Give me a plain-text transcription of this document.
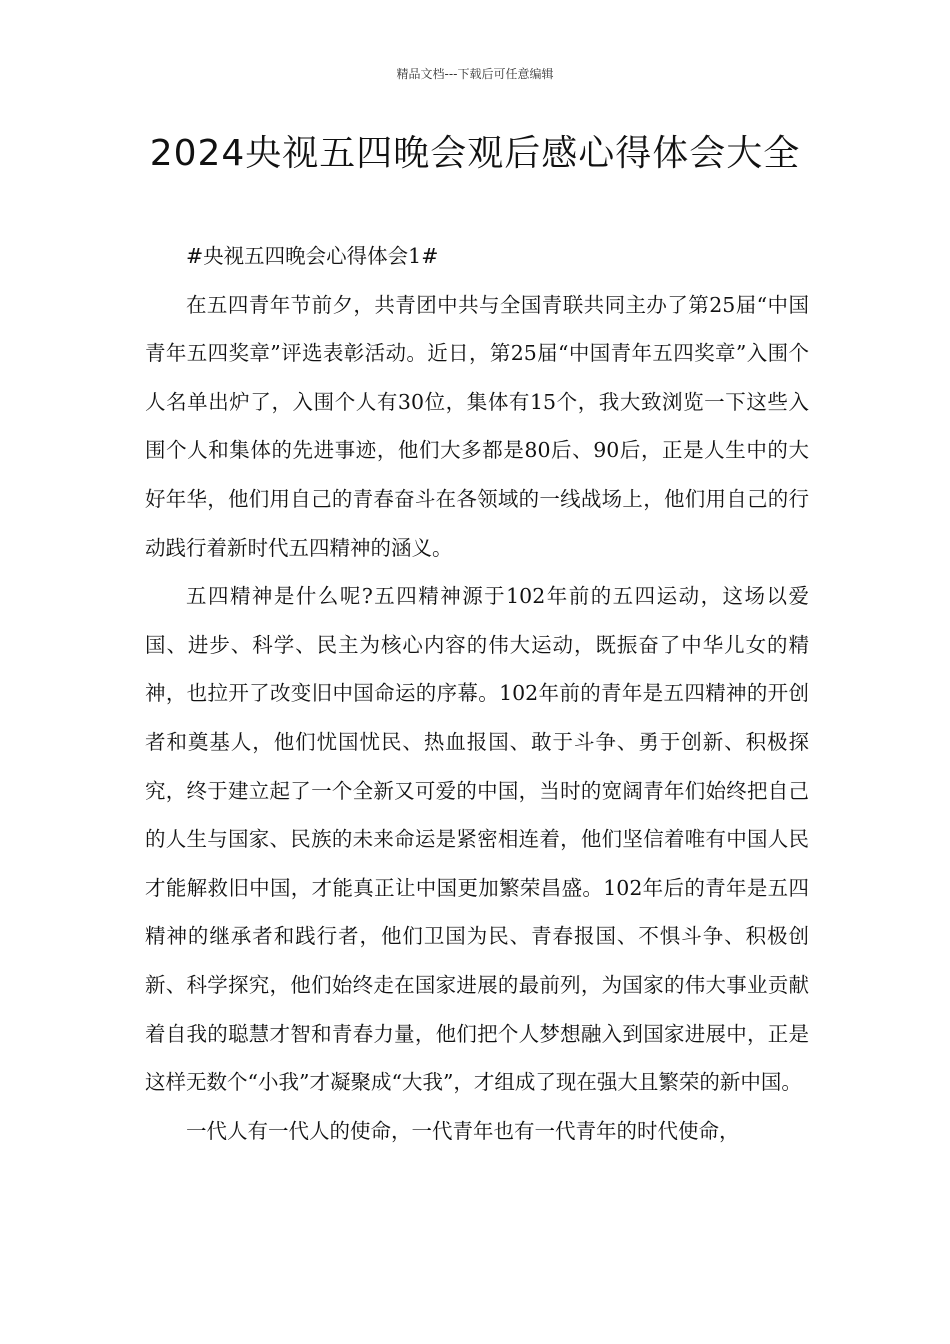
精品文档---下载后可任意编辑
2024央视五四晚会观后感心得体会大全

#央视五四晚会心得体会1#

在五四青年节前夕，共青团中共与全国青联共同主办了第25届“中国青年五四奖章”评选表彰活动。近日，第25届“中国青年五四奖章”入围个人名单出炉了，入围个人有30位，集体有15个，我大致浏览一下这些入围个人和集体的先进事迹，他们大多都是80后、90后，正是人生中的大好年华，他们用自己的青春奋斗在各领域的一线战场上，他们用自己的行动践行着新时代五四精神的涵义。

五四精神是什么呢?五四精神源于102年前的五四运动，这场以爱国、进步、科学、民主为核心内容的伟大运动，既振奋了中华儿女的精神，也拉开了改变旧中国命运的序幕。102年前的青年是五四精神的开创者和奠基人，他们忧国忧民、热血报国、敢于斗争、勇于创新、积极探究，终于建立起了一个全新又可爱的中国，当时的宽阔青年们始终把自己的人生与国家、民族的未来命运是紧密相连着，他们坚信着唯有中国人民才能解救旧中国，才能真正让中国更加繁荣昌盛。102年后的青年是五四精神的继承者和践行者，他们卫国为民、青春报国、不惧斗争、积极创新、科学探究，他们始终走在国家进展的最前列，为国家的伟大事业贡献着自我的聪慧才智和青春力量，他们把个人梦想融入到国家进展中，正是这样无数个“小我”才凝聚成“大我”，才组成了现在强大且繁荣的新中国。

一代人有一代人的使命，一代青年也有一代青年的时代使命，
